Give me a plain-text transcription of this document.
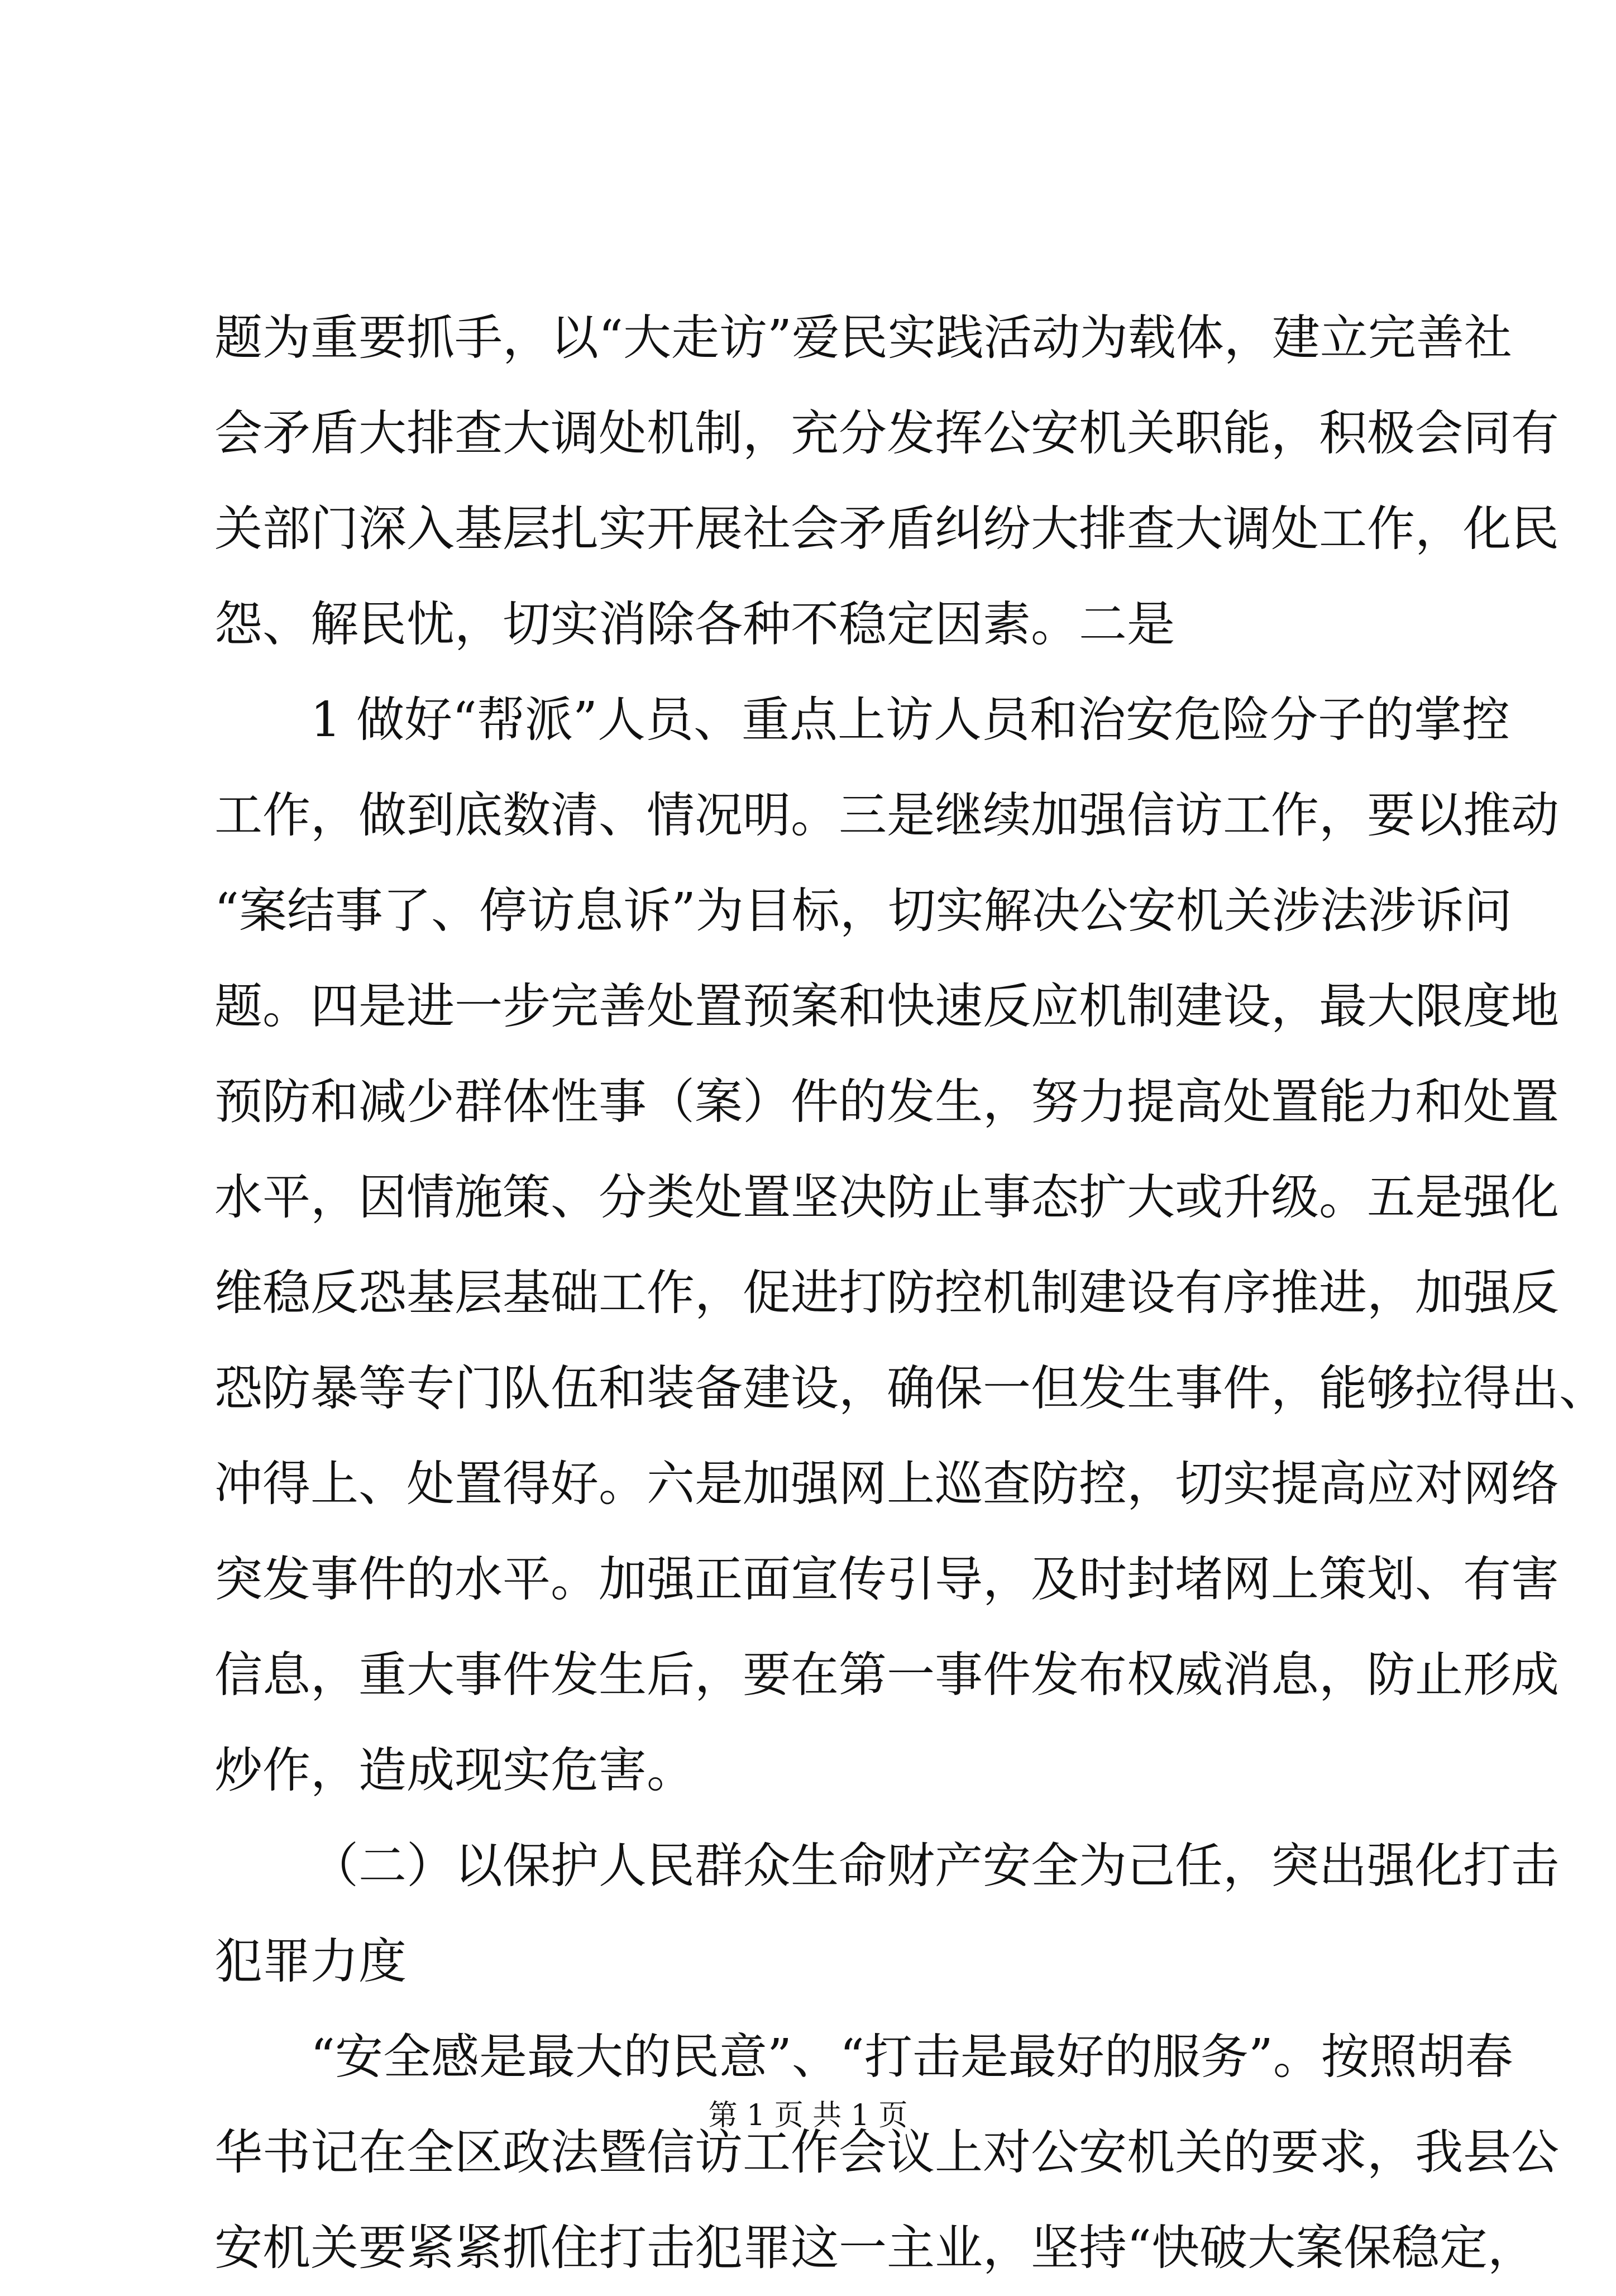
题为重要抓手，以“大走访”爱民实践活动为载体，建立完善社
会矛盾大排查大调处机制，充分发挥公安机关职能，积极会同有
关部门深入基层扎实开展社会矛盾纠纷大排查大调处工作，化民
怨、解民忧，切实消除各种不稳定因素。二是
1 做好“帮派”人员、重点上访人员和治安危险分子的掌控
工作，做到底数清、情况明。三是继续加强信访工作，要以推动
“案结事了、停访息诉”为目标，切实解决公安机关涉法涉诉问
题。四是进一步完善处置预案和快速反应机制建设，最大限度地
预防和减少群体性事（案）件的发生，努力提高处置能力和处置
水平，因情施策、分类处置坚决防止事态扩大或升级。五是强化
维稳反恐基层基础工作，促进打防控机制建设有序推进，加强反
恐防暴等专门队伍和装备建设，确保一但发生事件，能够拉得出、
冲得上、处置得好。六是加强网上巡查防控，切实提高应对网络
突发事件的水平。加强正面宣传引导，及时封堵网上策划、有害
信息，重大事件发生后，要在第一事件发布权威消息，防止形成
炒作，造成现实危害。
（二）以保护人民群众生命财产安全为己任，突出强化打击
犯罪力度
“安全感是最大的民意”、“打击是最好的服务”。按照胡春
华书记在全区政法暨信访工作会议上对公安机关的要求，我县公
安机关要紧紧抓住打击犯罪这一主业，坚持“快破大案保稳定，
第 1 页 共 1 页
